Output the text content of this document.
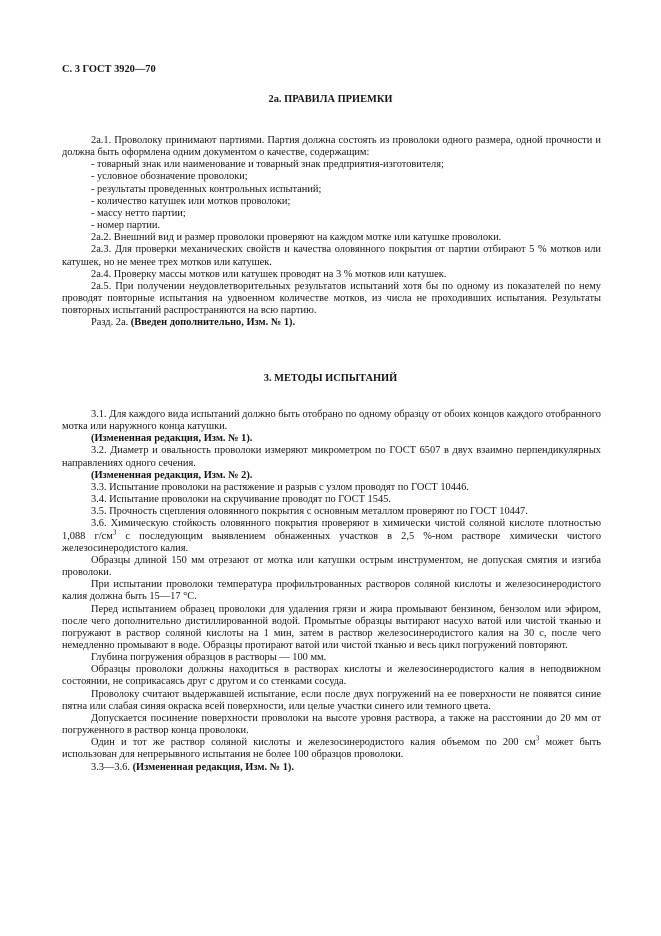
С. 3 ГОСТ 3920—70
2а. ПРАВИЛА ПРИЕМКИ

2а.1. Проволоку принимают партиями. Партия должна состоять из проволоки одного размера, одной прочности и должна быть оформлена одним документом о качестве, содержащим:

- товарный знак или наименование и товарный знак предприятия-изготовителя;

- условное обозначение проволоки;

- результаты проведенных контрольных испытаний;

- количество катушек или мотков проволоки;

- массу нетто партии;

- номер партии.

2а.2. Внешний вид и размер проволоки проверяют на каждом мотке или катушке проволоки.

2а.3. Для проверки механических свойств и качества оловянного покрытия от партии отбирают 5 % мотков или катушек, но не менее трех мотков или катушек.

2а.4. Проверку массы мотков или катушек проводят на 3 % мотков или катушек.

2а.5. При получении неудовлетворительных результатов испытаний хотя бы по одному из показателей по нему проводят повторные испытания на удвоенном количестве мотков, из числа не проходивших испытания. Результаты повторных испытаний распространяются на всю партию.

Разд. 2а. (Введен дополнительно, Изм. № 1).

3. МЕТОДЫ ИСПЫТАНИЙ

3.1. Для каждого вида испытаний должно быть отобрано по одному образцу от обоих концов каждого отобранного мотка или наружного конца катушки.

(Измененная редакция, Изм. № 1).

3.2. Диаметр и овальность проволоки измеряют микрометром по ГОСТ 6507 в двух взаимно перпендикулярных направлениях одного сечения.

(Измененная редакция, Изм. № 2).

3.3. Испытание проволоки на растяжение и разрыв с узлом проводят по ГОСТ 10446.

3.4. Испытание проволоки на скручивание проводят по ГОСТ 1545.

3.5. Прочность сцепления оловянного покрытия с основным металлом проверяют по ГОСТ 10447.

3.6. Химическую стойкость оловянного покрытия проверяют в химически чистой соляной кислоте плотностью 1,088 $г/см^3$ с последующим выявлением обнаженных участков в 2,5 %-ном растворе химически чистого железосинеродистого калия.

Образцы длиной 150 мм отрезают от мотка или катушки острым инструментом, не допуская смятия и изгиба проволоки.

При испытании проволоки температура профильтрованных растворов соляной кислоты и железосинеродистого калия должна быть 15—17 °С.

Перед испытанием образец проволоки для удаления грязи и жира промывают бензином, бензолом или эфиром, после чего дополнительно дистиллированной водой. Промытые образцы вытирают насухо ватой или чистой тканью и погружают в раствор соляной кислоты на 1 мин, затем в раствор железосинеродистого калия на 30 с, после чего немедленно промывают в воде. Образцы протирают ватой или чистой тканью и весь цикл погружений повторяют.

Глубина погружения образцов в растворы — 100 мм.

Образцы проволоки должны находиться в растворах кислоты и железосинеродистого калия в неподвижном состоянии, не соприкасаясь друг с другом и со стенками сосуда.

Проволоку считают выдержавшей испытание, если после двух погружений на ее поверхности не появятся синие пятна или слабая синяя окраска всей поверхности, или целые участки синего или темного цвета.

Допускается посинение поверхности проволоки на высоте уровня раствора, а также на расстоянии до 20 мм от погруженного в раствор конца проволоки.

Один и тот же раствор соляной кислоты и железосинеродистого калия объемом по 200 $см^3$ может быть использован для непрерывного испытания не более 100 образцов проволоки.

3.3—3.6. (Измененная редакция, Изм. № 1).
